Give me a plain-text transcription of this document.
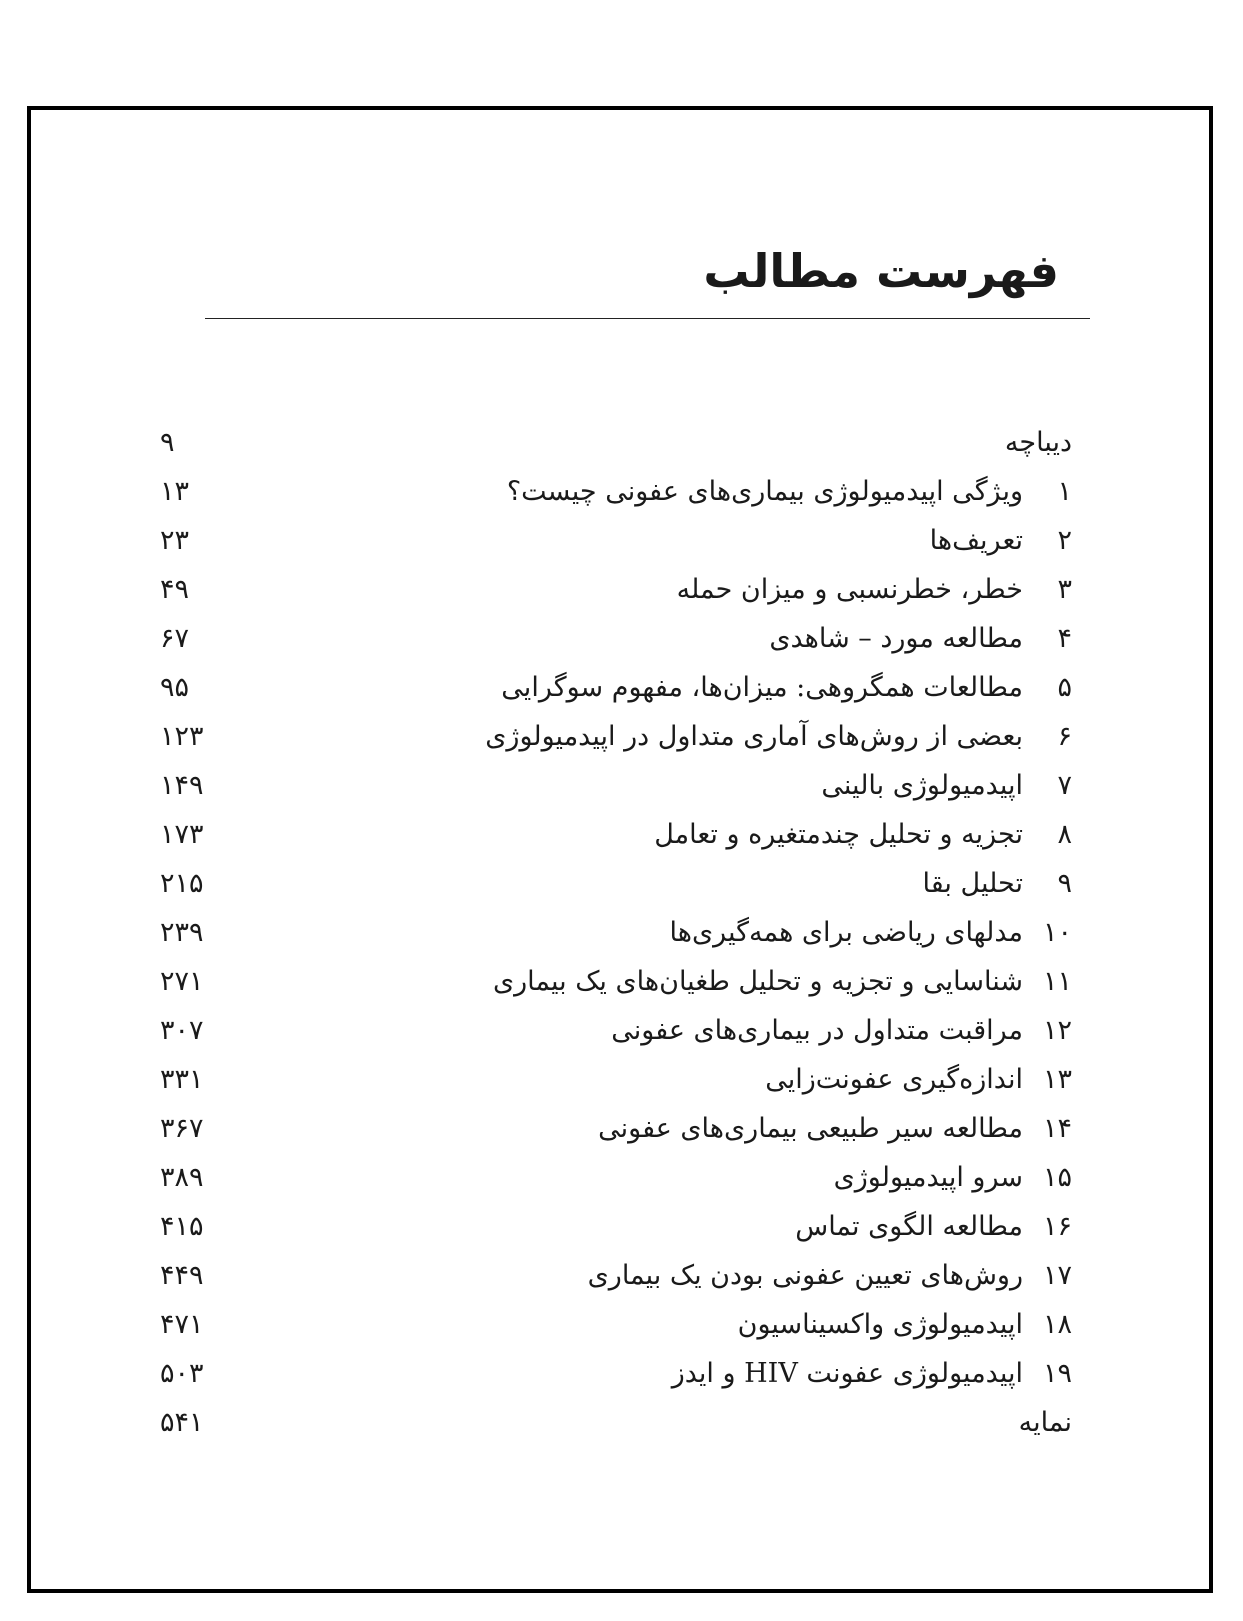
فهرست مطالب
دیباچه
۹
۱
ویژگی اپیدمیولوژی بیماری‌های عفونی چیست؟
۱۳
۲
تعریف‌ها
۲۳
۳
خطر، خطرنسبی و میزان حمله
۴۹
۴
مطالعه مورد – شاهدی
۶۷
۵
مطالعات همگروهی: میزان‌ها، مفهوم سوگرایی
۹۵
۶
بعضی از روش‌های آماری متداول در اپیدمیولوژی
۱۲۳
۷
اپیدمیولوژی بالینی
۱۴۹
۸
تجزیه و تحلیل چندمتغیره و تعامل
۱۷۳
۹
تحلیل بقا
۲۱۵
۱۰
مدلهای ریاضی برای همه‌گیری‌ها
۲۳۹
۱۱
شناسایی و تجزیه و تحلیل طغیان‌های یک بیماری
۲۷۱
۱۲
مراقبت متداول در بیماری‌های عفونی
۳۰۷
۱۳
اندازه‌گیری عفونت‌زایی
۳۳۱
۱۴
مطالعه سیر طبیعی بیماری‌های عفونی
۳۶۷
۱۵
سرو اپیدمیولوژی
۳۸۹
۱۶
مطالعه الگوی تماس
۴۱۵
۱۷
روش‌های تعیین عفونی بودن یک بیماری
۴۴۹
۱۸
اپیدمیولوژی واکسیناسیون
۴۷۱
۱۹
اپیدمیولوژی عفونت HIV و ایدز
۵۰۳
نمایه
۵۴۱
